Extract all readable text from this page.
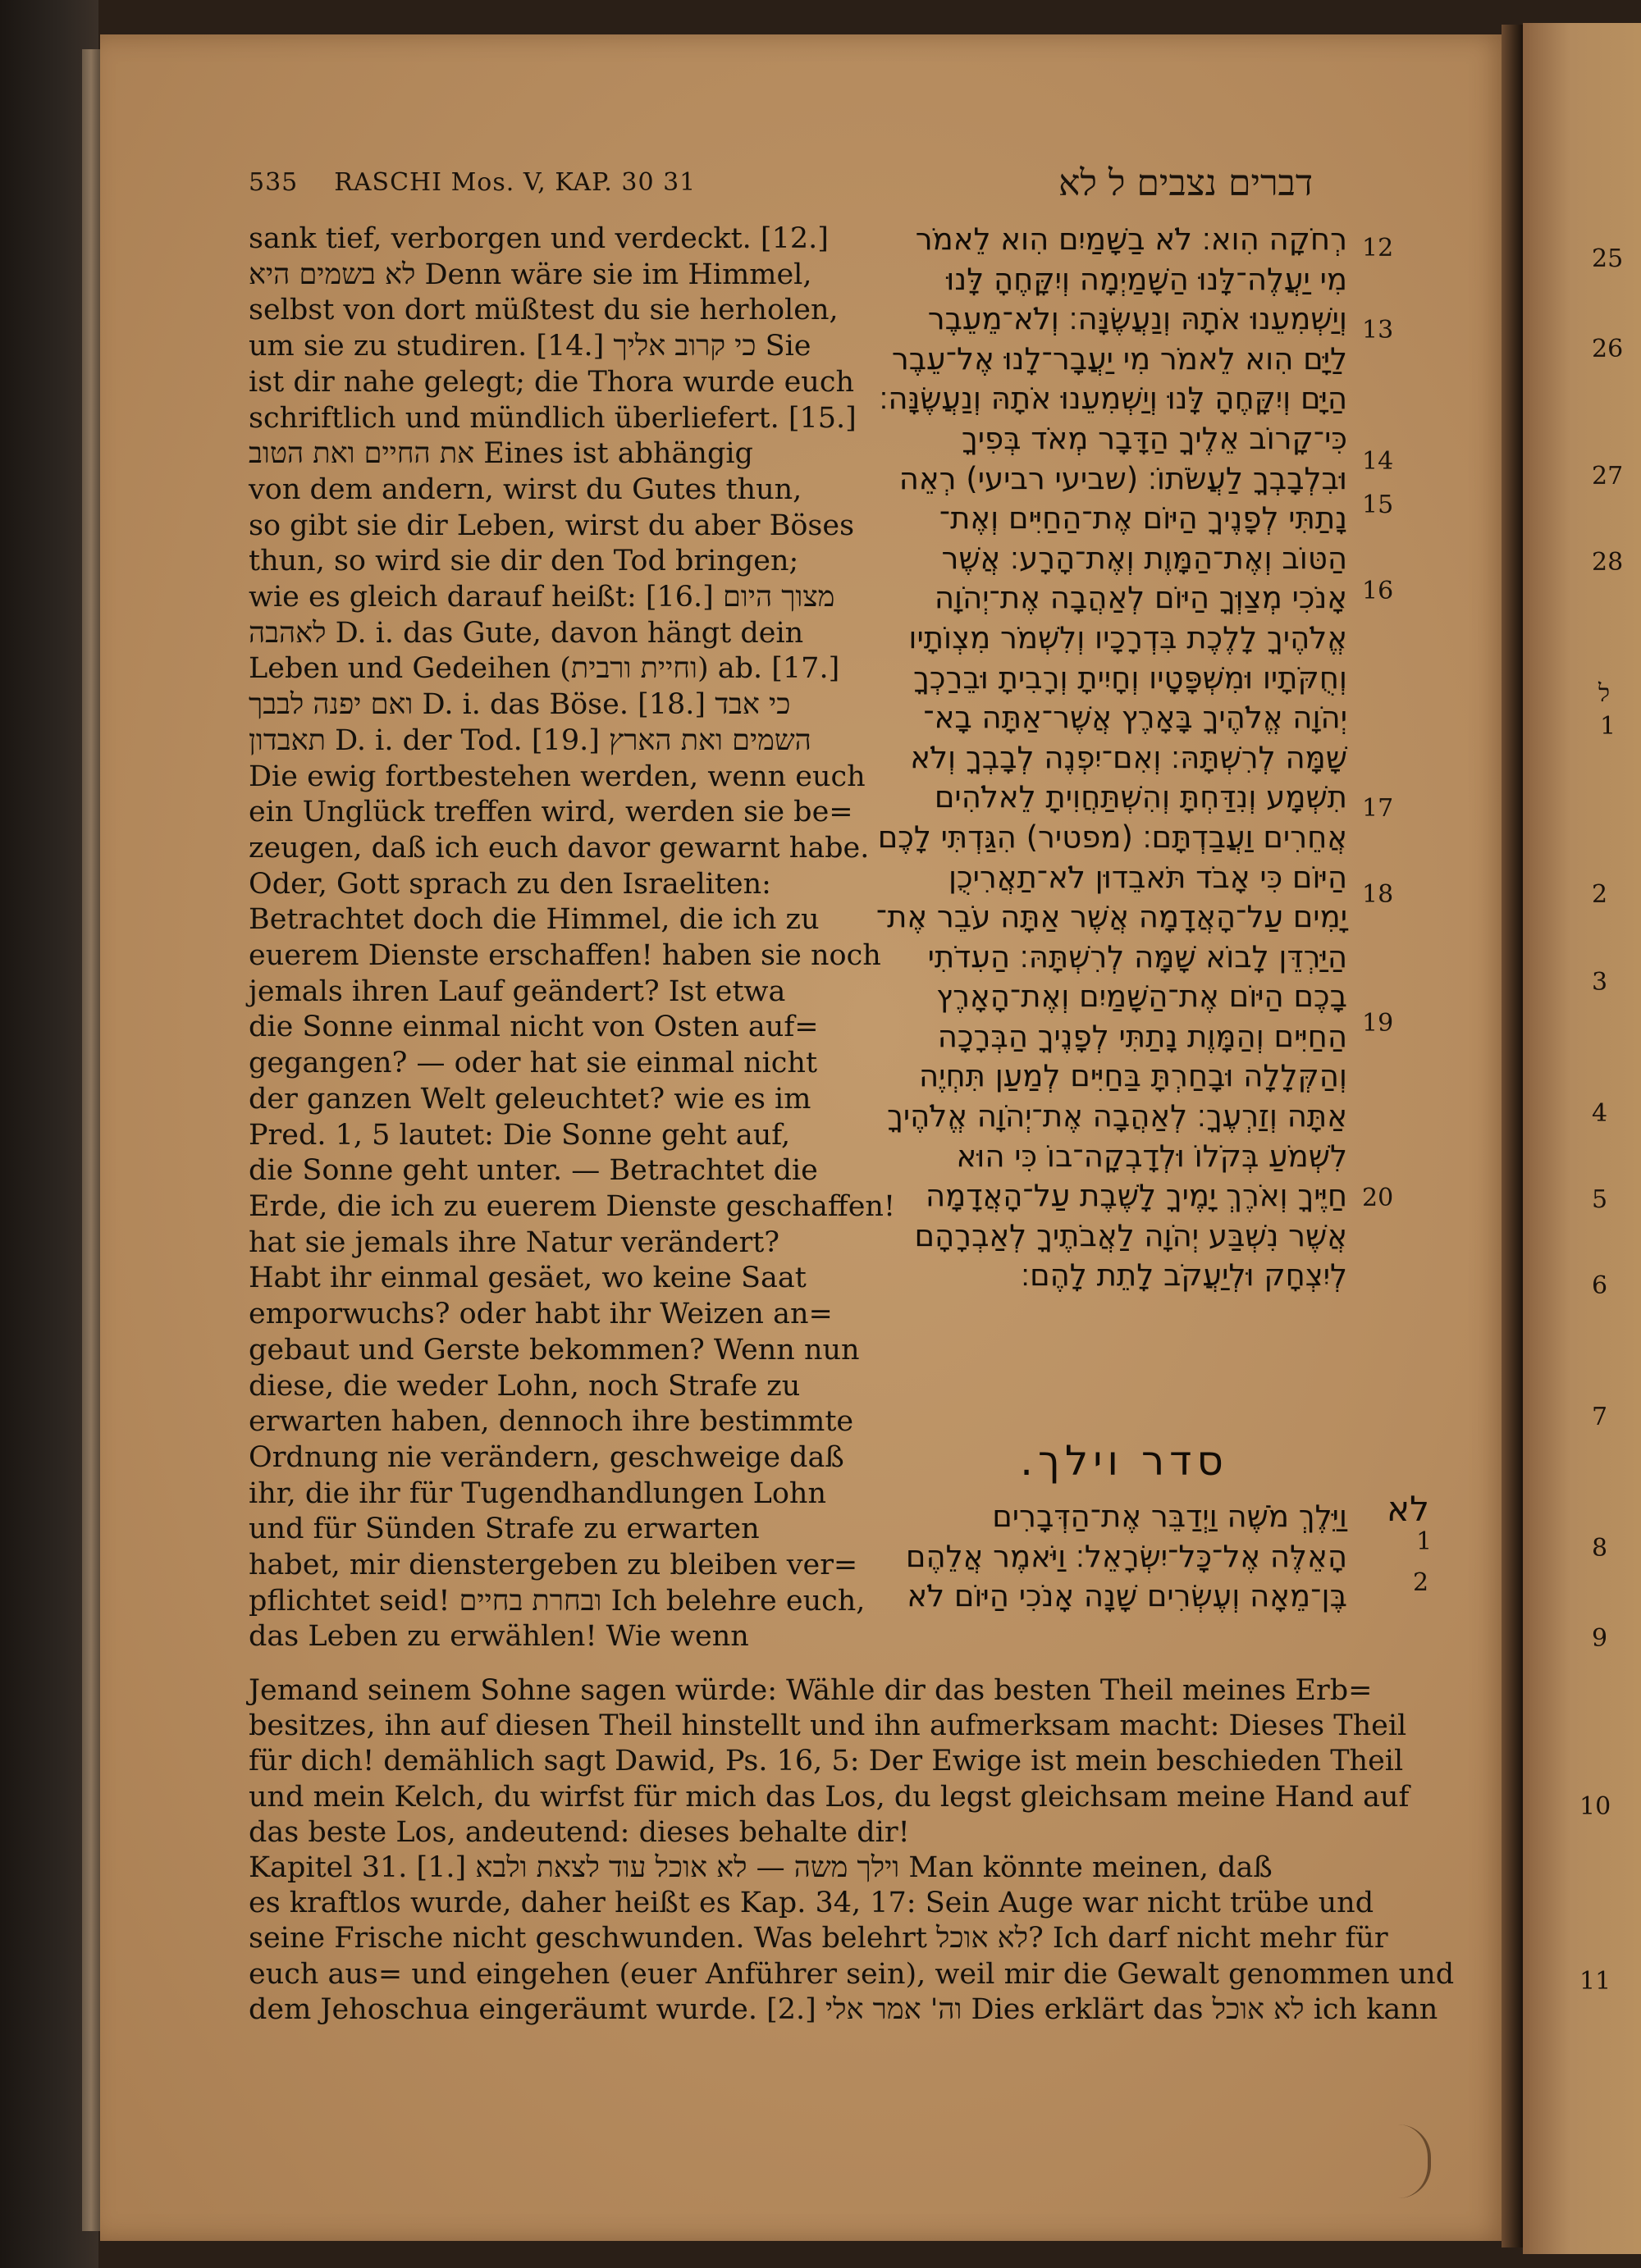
25
26
27
28
ל
1
2
3
4
5
6
7
8
9
10
11
535 RASCHI Mos. V, KAP. 30 31	דברים נצבים ל לא
sank tief, verborgen und verdeckt. [12.]
לא בשמים היא Denn wäre sie im Himmel,
selbst von dort müßtest du sie herholen,
um sie zu studiren. [14.] כי קרוב אליך Sie
ist dir nahe gelegt; die Thora wurde euch
schriftlich und mündlich überliefert. [15.]
את החיים ואת הטוב Eines ist abhängig
von dem andern, wirst du Gutes thun,
so gibt sie dir Leben, wirst du aber Böses
thun, so wird sie dir den Tod bringen;
wie es gleich darauf heißt: [16.] מצוך היום
לאהבה D. i. das Gute, davon hängt dein
Leben und Gedeihen (וחיית ורבית) ab. [17.]
ואם יפנה לבבך D. i. das Böse. [18.] כי אבד
תאבדון D. i. der Tod. [19.] השמים ואת הארץ
Die ewig fortbestehen werden, wenn euch
ein Unglück treffen wird, werden sie be=
zeugen, daß ich euch davor gewarnt habe.
Oder, Gott sprach zu den Israeliten:
Betrachtet doch die Himmel, die ich zu
euerem Dienste erschaffen! haben sie noch
jemals ihren Lauf geändert? Ist etwa
die Sonne einmal nicht von Osten auf=
gegangen? — oder hat sie einmal nicht
der ganzen Welt geleuchtet? wie es im
Pred. 1, 5 lautet: Die Sonne geht auf,
die Sonne geht unter. — Betrachtet die
Erde, die ich zu euerem Dienste geschaffen!
hat sie jemals ihre Natur verändert?
Habt ihr einmal gesäet, wo keine Saat
emporwuchs? oder habt ihr Weizen an=
gebaut und Gerste bekommen? Wenn nun
diese, die weder Lohn, noch Strafe zu
erwarten haben, dennoch ihre bestimmte
Ordnung nie verändern, geschweige daß
ihr, die ihr für Tugendhandlungen Lohn
und für Sünden Strafe zu erwarten
habet, mir dienstergeben zu bleiben ver=
pflichtet seid! ובחרת בחיים Ich belehre euch,
das Leben zu erwählen! Wie wenn
Jemand seinem Sohne sagen würde: Wähle dir das besten Theil meines Erb=
besitzes, ihn auf diesen Theil hinstellt und ihn aufmerksam macht: Dieses Theil
für dich! demählich sagt Dawid, Ps. 16, 5: Der Ewige ist mein beschieden Theil
und mein Kelch, du wirfst für mich das Los, du legst gleichsam meine Hand auf
das beste Los, andeutend: dieses behalte dir!
Kapitel 31. [1.] וילך משה — לא אוכל עוד לצאת ולבא Man könnte meinen, daß
es kraftlos wurde, daher heißt es Kap. 34, 17: Sein Auge war nicht trübe und
seine Frische nicht geschwunden. Was belehrt לא אוכל? Ich darf nicht mehr für
euch aus= und eingehen (euer Anführer sein), weil mir die Gewalt genommen und
dem Jehoschua eingeräumt wurde. [2.] וה' אמר אלי Dies erklärt das לא אוכל ich kann
רְחֹקָה הִוא׃ לֹא בַשָּׁמַיִם הִוא לֵאמֹר
מִי יַעֲלֶה־לָּנוּ הַשָּׁמַיְמָה וְיִקָּחֶהָ לָּנוּ
וְיַשְׁמִעֵנוּ אֹתָהּ וְנַעֲשֶׂנָּה׃ וְלֹא־מֵעֵבֶר
לַיָּם הִוא לֵאמֹר מִי יַעֲבָר־לָנוּ אֶל־עֵבֶר
הַיָּם וְיִקָּחֶהָ לָּנוּ וְיַשְׁמִעֵנוּ אֹתָהּ וְנַעֲשֶׂנָּה׃
כִּי־קָרוֹב אֵלֶיךָ הַדָּבָר מְאֹד בְּפִיךָ
וּבִלְבָבְךָ לַעֲשֹׂתוֹ׃ (שביעי רביעי) רְאֵה
נָתַתִּי לְפָנֶיךָ הַיּוֹם אֶת־הַחַיִּים וְאֶת־
הַטּוֹב וְאֶת־הַמָּוֶת וְאֶת־הָרָע׃ אֲשֶׁר
אָנֹכִי מְצַוְּךָ הַיּוֹם לְאַהֲבָה אֶת־יְהֹוָה
אֱלֹהֶיךָ לָלֶכֶת בִּדְרָכָיו וְלִשְׁמֹר מִצְוֹתָיו
וְחֻקֹּתָיו וּמִשְׁפָּטָיו וְחָיִיתָ וְרָבִיתָ וּבֵרַכְךָ
יְהֹוָה אֱלֹהֶיךָ בָּאָרֶץ אֲשֶׁר־אַתָּה בָא־
שָׁמָּה לְרִשְׁתָּהּ׃ וְאִם־יִפְנֶה לְבָבְךָ וְלֹא
תִשְׁמָע וְנִדַּחְתָּ וְהִשְׁתַּחֲוִיתָ לֵאלֹהִים
אֲחֵרִים וַעֲבַדְתָּם׃ (מפטיר) הִגַּדְתִּי לָכֶם
הַיּוֹם כִּי אָבֹד תֹּאבֵדוּן לֹא־תַאֲרִיכֻן
יָמִים עַל־הָאֲדָמָה אֲשֶׁר אַתָּה עֹבֵר אֶת־
הַיַּרְדֵּן לָבוֹא שָׁמָּה לְרִשְׁתָּהּ׃ הַעִדֹתִי
בָכֶם הַיּוֹם אֶת־הַשָּׁמַיִם וְאֶת־הָאָרֶץ
הַחַיִּים וְהַמָּוֶת נָתַתִּי לְפָנֶיךָ הַבְּרָכָה
וְהַקְּלָלָה וּבָחַרְתָּ בַּחַיִּים לְמַעַן תִּחְיֶה
אַתָּה וְזַרְעֶךָ׃ לְאַהֲבָה אֶת־יְהֹוָה אֱלֹהֶיךָ
לִשְׁמֹעַ בְּקֹלוֹ וּלְדָבְקָה־בוֹ כִּי הוּא
חַיֶּיךָ וְאֹרֶךְ יָמֶיךָ לָשֶׁבֶת עַל־הָאֲדָמָה
אֲשֶׁר נִשְׁבַּע יְהֹוָה לַאֲבֹתֶיךָ לְאַבְרָהָם
לְיִצְחָק וּלְיַעֲקֹב לָתֵת לָהֶם׃
12
13
14
15
16
17
18
19
20
סדר וילך.
לא
1
2
וַיֵּלֶךְ מֹשֶׁה וַיְדַבֵּר אֶת־הַדְּבָרִים
הָאֵלֶּה אֶל־כָּל־יִשְׂרָאֵל׃ וַיֹּאמֶר אֲלֵהֶם
בֶּן־מֵאָה וְעֶשְׂרִים שָׁנָה אָנֹכִי הַיּוֹם לֹא
